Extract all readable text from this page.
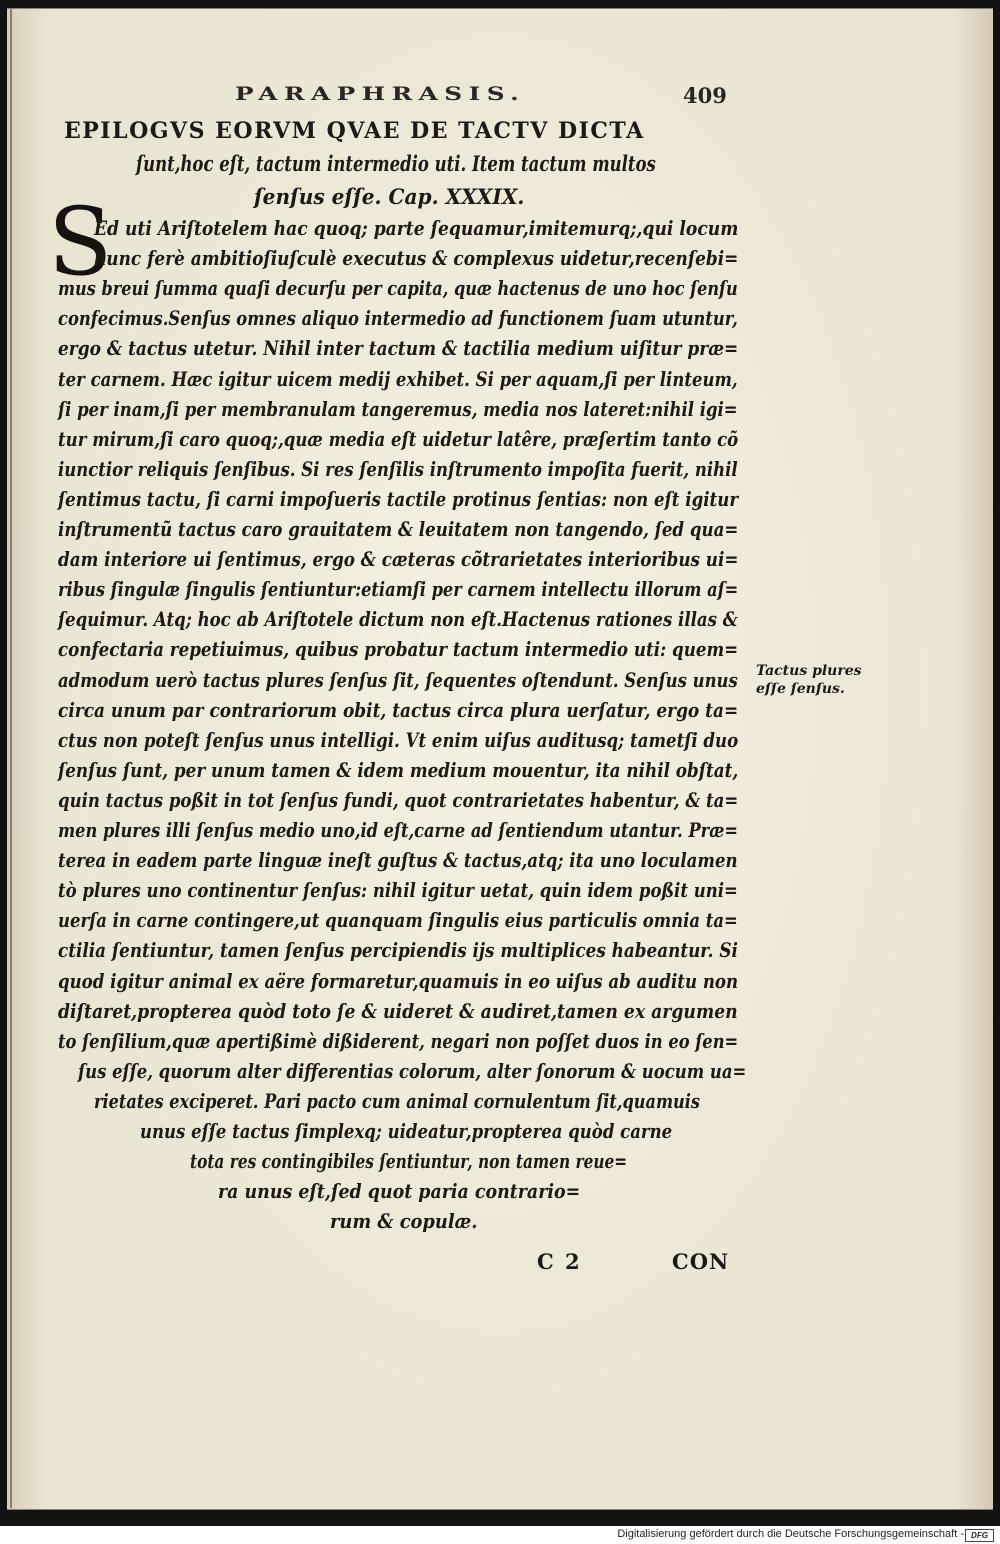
PARAPHRASIS.	409
EPILOGVS EORVM QVAE DE TACTV DICTA
ſunt,hoc eſt, tactum intermedio uti. Item tactum multos
ſenſus eſſe. Cap. XXXIX.
S
Ed uti Ariſtotelem hac quoq; parte ſequamur,imitemurq;,qui locum
hunc ferè ambitioſiuſculè executus & complexus uidetur,recenſebi=
mus breui ſumma quaſi decurſu per capita, quæ hactenus de uno hoc ſenſu
confecimus.Senſus omnes aliquo intermedio ad functionem ſuam utuntur,
ergo & tactus utetur. Nihil inter tactum & tactilia medium uiſitur præ=
ter carnem. Hæc igitur uicem medij exhibet. Si per aquam,ſi per linteum,
ſi per inam,ſi per membranulam tangeremus, media nos lateret:nihil igi=
tur mirum,ſi caro quoq;,quæ media eſt uidetur latêre, præſertim tanto cõ
iunctior reliquis ſenſibus. Si res ſenſilis inſtrumento impoſita fuerit, nihil
ſentimus tactu, ſi carni impoſueris tactile protinus ſentias: non eſt igitur
inſtrumentũ tactus caro grauitatem & leuitatem non tangendo, ſed qua=
dam interiore ui ſentimus, ergo & cæteras cõtrarietates interioribus ui=
ribus ſingulæ ſingulis ſentiuntur:etiamſi per carnem intellectu illorum aſ=
ſequimur. Atq; hoc ab Ariſtotele dictum non eſt.Hactenus rationes illas &
confectaria repetiuimus, quibus probatur tactum intermedio uti: quem=
admodum uerò tactus plures ſenſus ſit, ſequentes oſtendunt. Senſus unus
circa unum par contrariorum obit, tactus circa plura uerſatur, ergo ta=
ctus non poteſt ſenſus unus intelligi. Vt enim uiſus auditusq; tametſi duo
ſenſus ſunt, per unum tamen & idem medium mouentur, ita nihil obſtat,
quin tactus poßit in tot ſenſus fundi, quot contrarietates habentur, & ta=
men plures illi ſenſus medio uno,id eſt,carne ad ſentiendum utantur. Præ=
terea in eadem parte linguæ ineſt guſtus & tactus,atq; ita uno loculamen
tò plures uno continentur ſenſus: nihil igitur uetat, quin idem poßit uni=
uerſa in carne contingere,ut quanquam ſingulis eius particulis omnia ta=
ctilia ſentiuntur, tamen ſenſus percipiendis ijs multiplices habeantur. Si
quod igitur animal ex aëre formaretur,quamuis in eo uiſus ab auditu non
diſtaret,propterea quòd toto ſe & uideret & audiret,tamen ex argumen
to ſenſilium,quæ apertißimè dißiderent, negari non poſſet duos in eo ſen=
ſus eſſe, quorum alter differentias colorum, alter ſonorum & uocum ua=
rietates exciperet. Pari pacto cum animal cornulentum ſit,quamuis
unus eſſe tactus ſimplexq; uideatur,propterea quòd carne
tota res contingibiles ſentiuntur, non tamen reue=
ra unus eſt,ſed quot paria contrario=
rum & copulæ.
Tactus plures
eſſe ſenſus.
C 2	CON
Digitalisierung gefördert durch die Deutsche Forschungsgemeinschaft - DFG
